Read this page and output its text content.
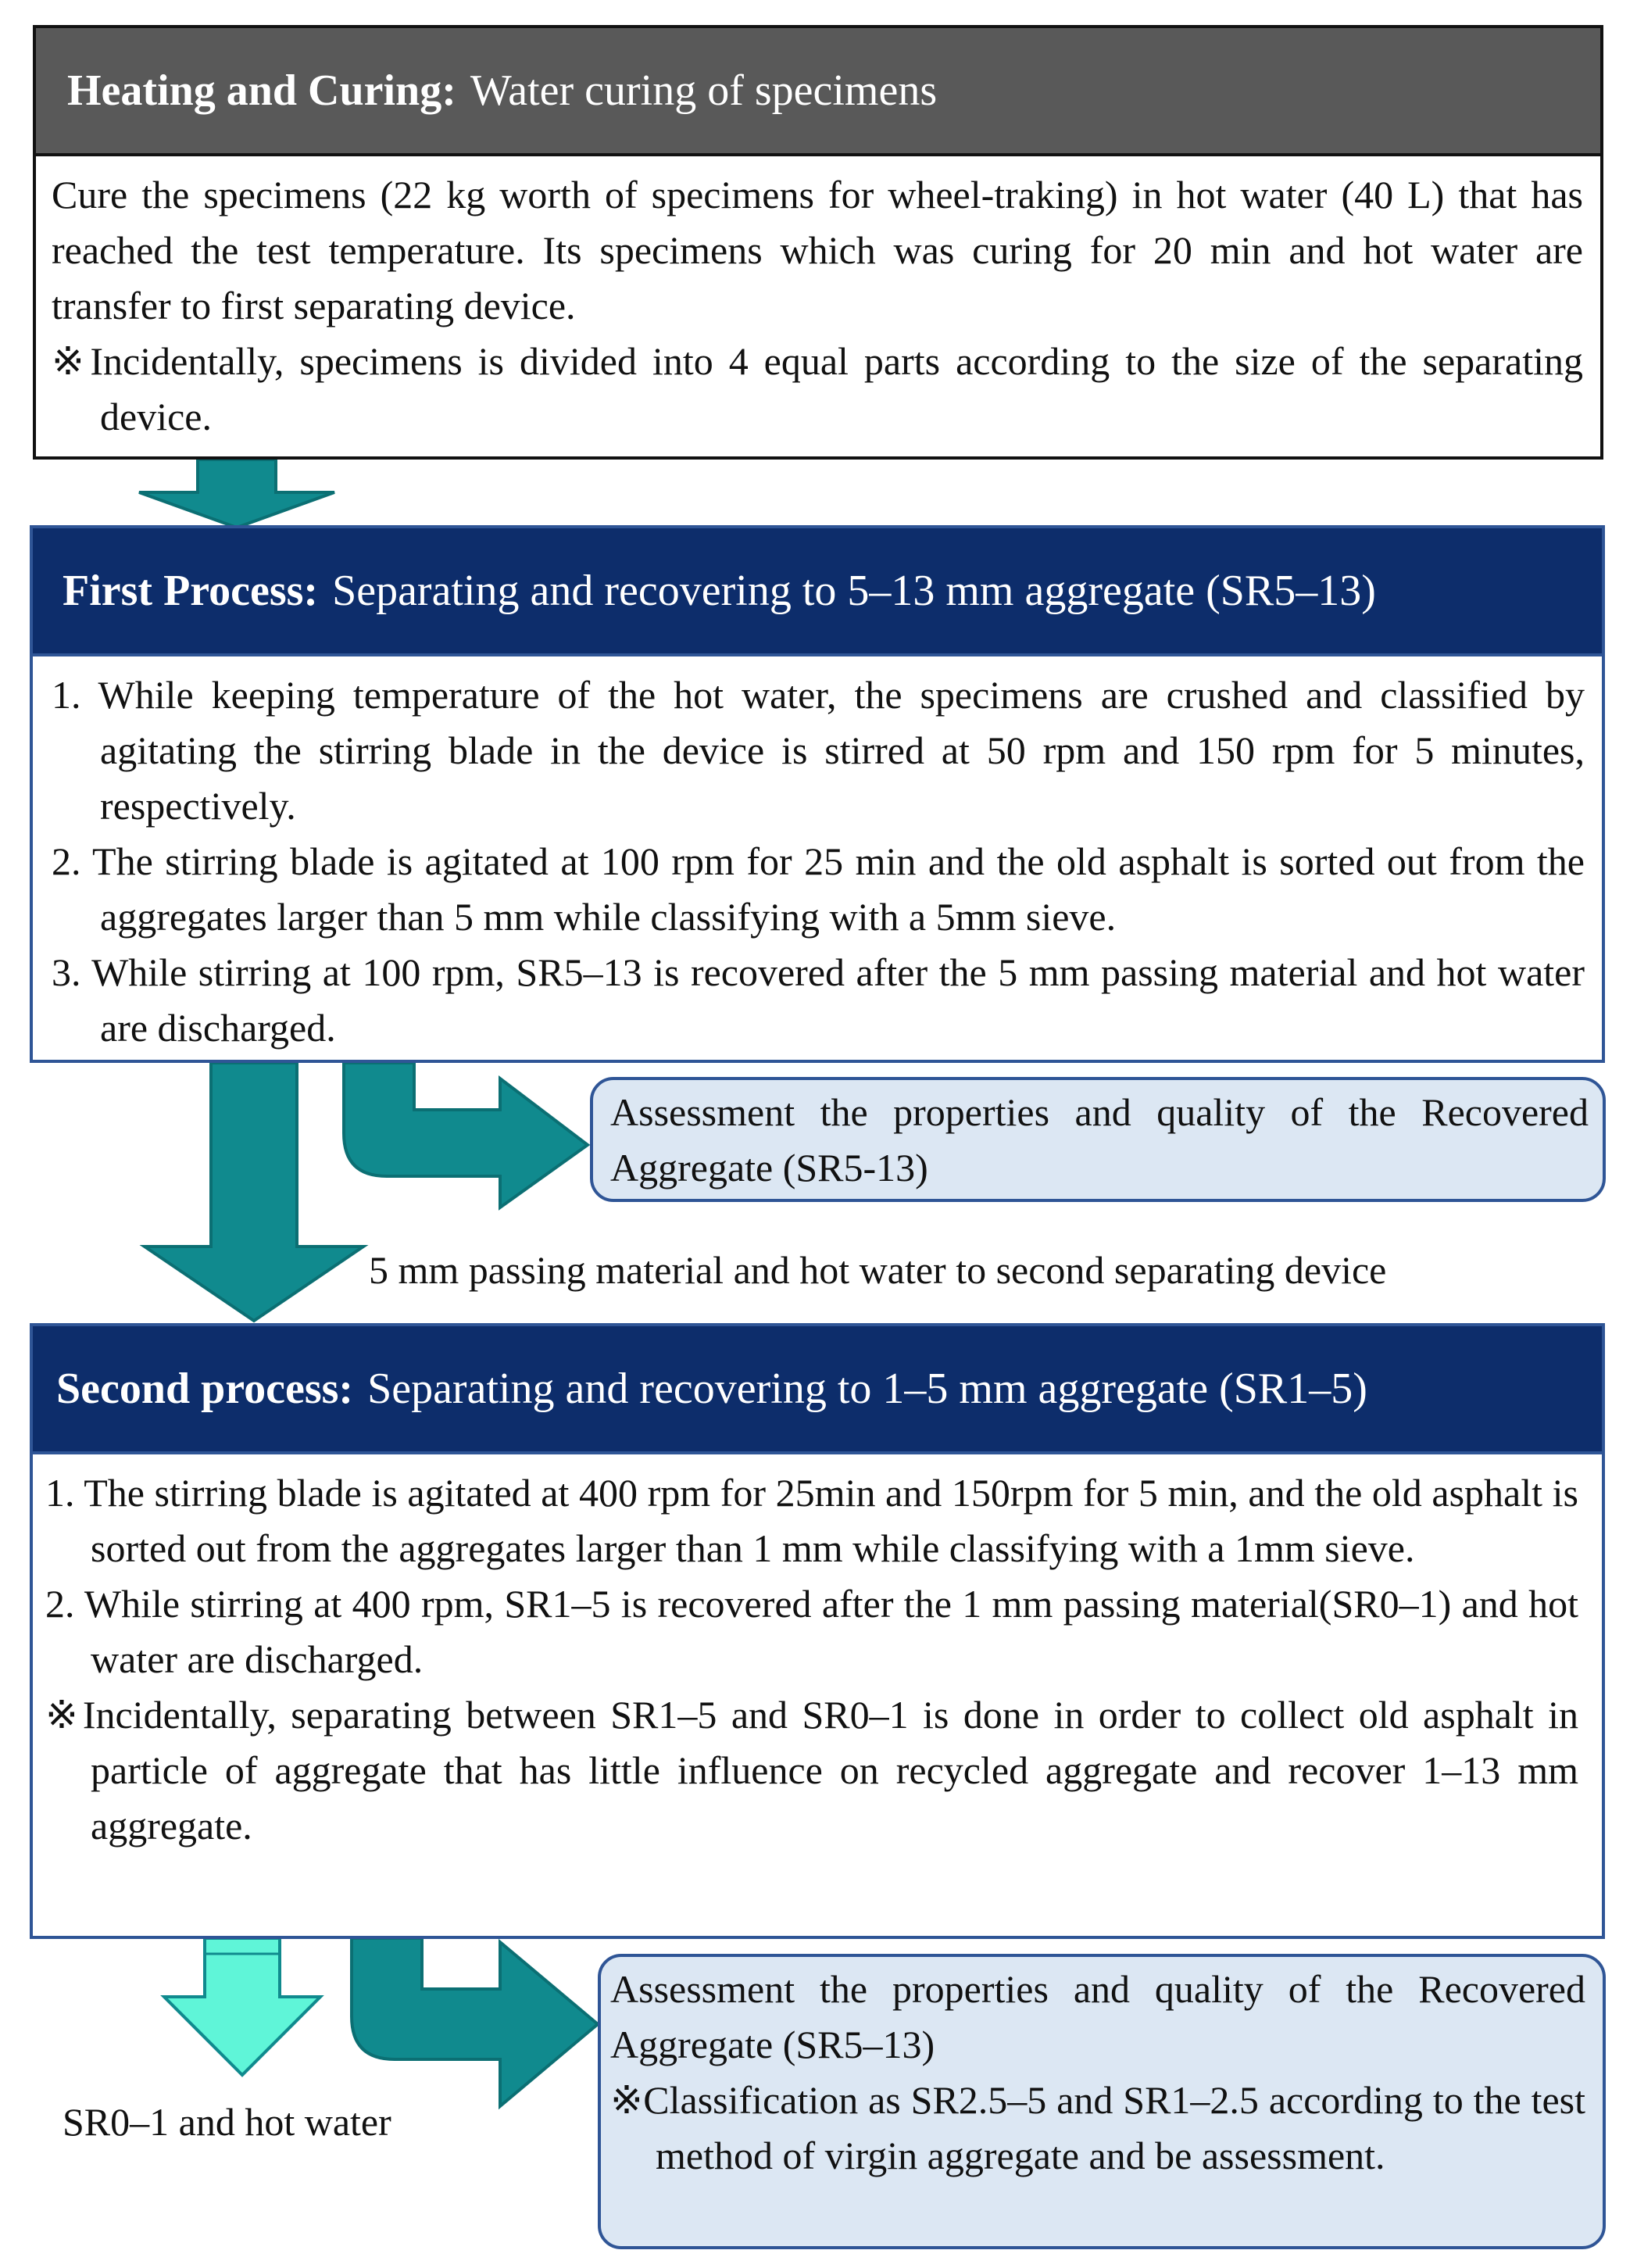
Heating and Curing: Water curing of specimens

Cure the specimens (22 kg worth of specimens for wheel-traking) in hot water (40 L) that has reached the test temperature. Its specimens which was curing for 20 min and hot water are transfer to first separating device.

※Incidentally, specimens is divided into 4 equal parts according to the size of the separating device.

First Process: Separating and recovering to 5–13 mm aggregate (SR5–13)

1. While keeping temperature of the hot water, the specimens are crushed and classified by agitating the stirring blade in the device is stirred at 50 rpm and 150 rpm for 5 minutes, respectively.

2. The stirring blade is agitated at 100 rpm for 25 min and the old asphalt is sorted out from the aggregates larger than 5 mm while classifying with a 5mm sieve.

3. While stirring at 100 rpm, SR5–13 is recovered after the 5 mm passing material and hot water are discharged.

Assessment the properties and quality of the Recovered Aggregate (SR5-13)
5 mm passing material and hot water to second separating device
Second process: Separating and recovering to 1–5 mm aggregate (SR1–5)

1. The stirring blade is agitated at 400 rpm for 25min and 150rpm for 5 min, and the old asphalt is sorted out from the aggregates larger than 1 mm while classifying with a 1mm sieve.

2. While stirring at 400 rpm, SR1–5 is recovered after the 1 mm passing material(SR0–1) and hot water are discharged.

※Incidentally, separating between SR1–5 and SR0–1 is done in order to collect old asphalt in particle of aggregate that has little influence on recycled aggregate and recover 1–13 mm aggregate.

Assessment the properties and quality of the Recovered Aggregate (SR5–13)

※Classification as SR2.5–5 and SR1–2.5 according to the test method of virgin aggregate and be assessment.

SR0–1 and hot water
